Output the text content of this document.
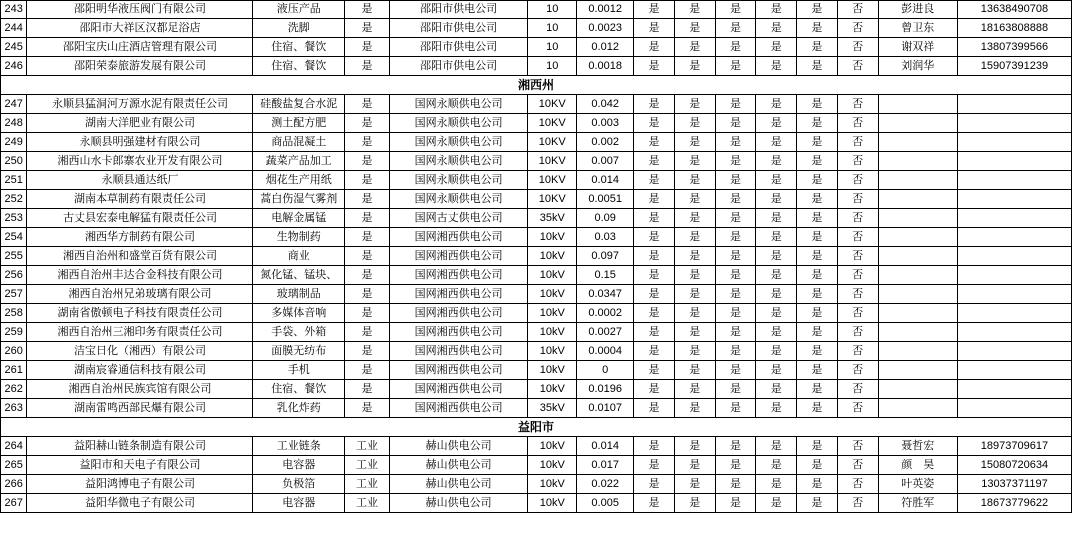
243	邵阳明华液压阀门有限公司	液压产品	是	邵阳市供电公司	10	0.0012	是	是	是	是	是	否	彭进良	13638490708
244	邵阳市大祥区汉都足浴店	洗脚	是	邵阳市供电公司	10	0.0023	是	是	是	是	是	否	曾卫东	18163808888
245	邵阳宝庆山庄酒店管理有限公司	住宿、餐饮	是	邵阳市供电公司	10	0.012	是	是	是	是	是	否	谢双祥	13807399566
246	邵阳荣泰旅游发展有限公司	住宿、餐饮	是	邵阳市供电公司	10	0.0018	是	是	是	是	是	否	刘润华	15907391239
湘西州														
247	永顺县猛洞河万源水泥有限责任公司	硅酸盐复合水泥	是	国网永顺供电公司	10KV	0.042	是	是	是	是	是	否		
248	湖南大洋肥业有限公司	测土配方肥	是	国网永顺供电公司	10KV	0.003	是	是	是	是	是	否		
249	永顺县明强建材有限公司	商品混凝土	是	国网永顺供电公司	10KV	0.002	是	是	是	是	是	否		
250	湘西山水卡郎寨农业开发有限公司	蔬菜产品加工	是	国网永顺供电公司	10KV	0.007	是	是	是	是	是	否		
251	永顺县通达纸厂	烟花生产用纸	是	国网永顺供电公司	10KV	0.014	是	是	是	是	是	否		
252	湖南本草制药有限责任公司	蒿白伤湿气雾剂	是	国网永顺供电公司	10KV	0.0051	是	是	是	是	是	否		
253	古丈县宏泰电解猛有限责任公司	电解金属锰	是	国网古丈供电公司	35kV	0.09	是	是	是	是	是	否		
254	湘西华方制药有限公司	生物制药	是	国网湘西供电公司	10kV	0.03	是	是	是	是	是	否		
255	湘西自治州和盛堂百货有限公司	商业	是	国网湘西供电公司	10kV	0.097	是	是	是	是	是	否		
256	湘西自治州丰达合金科技有限公司	氮化锰、锰块、	是	国网湘西供电公司	10kV	0.15	是	是	是	是	是	否		
257	湘西自治州兄弟玻璃有限公司	玻璃制品	是	国网湘西供电公司	10kV	0.0347	是	是	是	是	是	否		
258	湖南省傲顿电子科技有限责任公司	多媒体音响	是	国网湘西供电公司	10kV	0.0002	是	是	是	是	是	否		
259	湘西自治州三湘印务有限责任公司	手袋、外箱	是	国网湘西供电公司	10kV	0.0027	是	是	是	是	是	否		
260	洁宝日化（湘西）有限公司	面膜无纺布	是	国网湘西供电公司	10kV	0.0004	是	是	是	是	是	否		
261	湖南宸睿通信科技有限公司	手机	是	国网湘西供电公司	10kV	0	是	是	是	是	是	否		
262	湘西自治州民族宾馆有限公司	住宿、餐饮	是	国网湘西供电公司	10kV	0.0196	是	是	是	是	是	否		
263	湖南雷鸣西部民爆有限公司	乳化炸药	是	国网湘西供电公司	35kV	0.0107	是	是	是	是	是	否		
益阳市														
264	益阳赫山链条制造有限公司	工业链条	工业	赫山供电公司	10kV	0.014	是	是	是	是	是	否	聂哲宏	18973709617
265	益阳市和天电子有限公司	电容器	工业	赫山供电公司	10kV	0.017	是	是	是	是	是	否	颜　昊	15080720634
266	益阳鸿博电子有限公司	负极箔	工业	赫山供电公司	10kV	0.022	是	是	是	是	是	否	叶英姿	13037371197
267	益阳华微电子有限公司	电容器	工业	赫山供电公司	10kV	0.005	是	是	是	是	是	否	符胜军	18673779622
